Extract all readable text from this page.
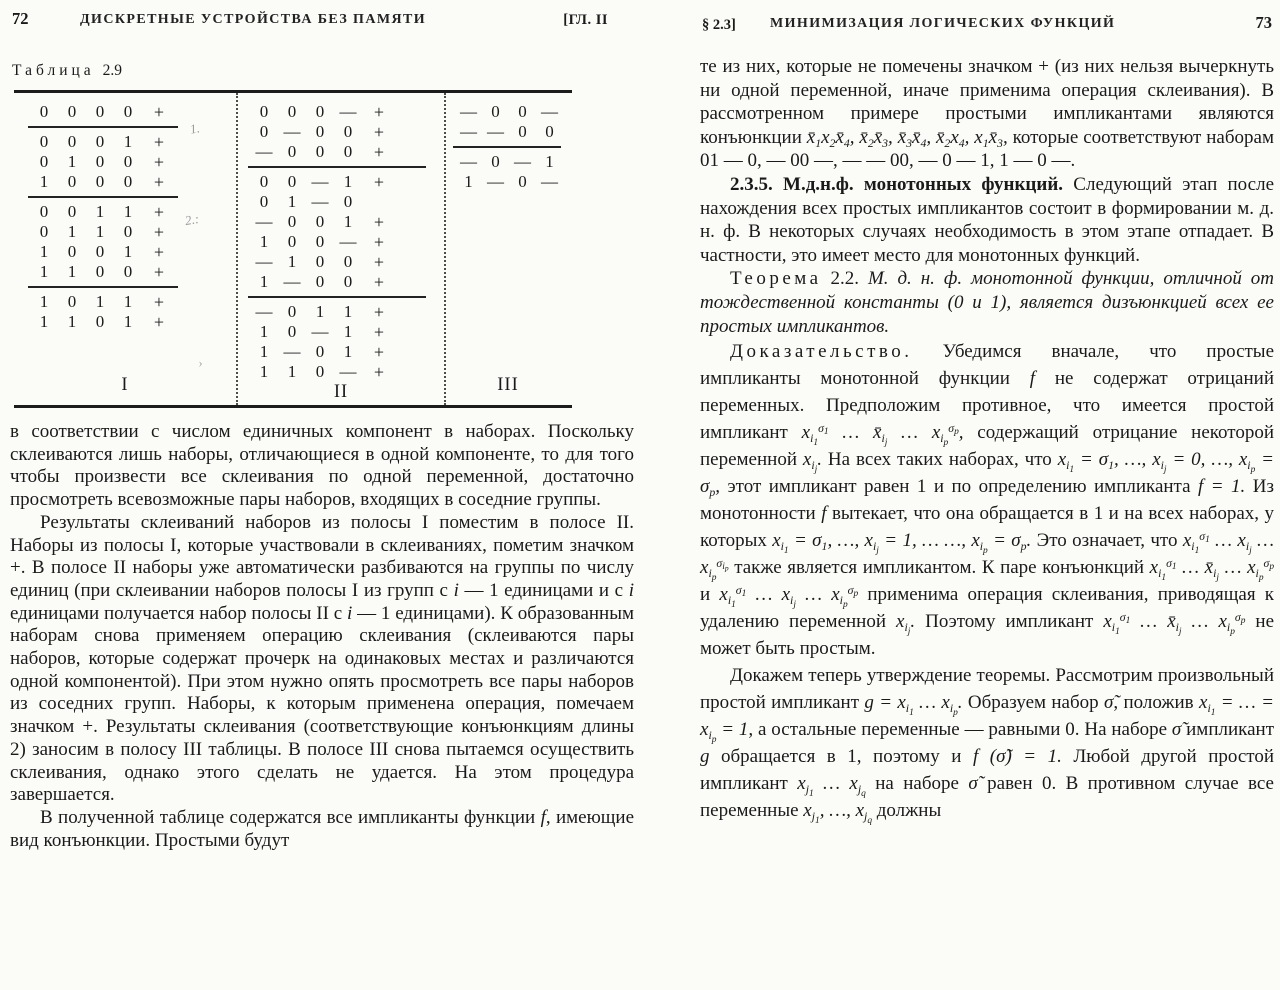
72	ДИСКРЕТНЫЕ УСТРОЙСТВА БЕЗ ПАМЯТИ	[ГЛ. II
Таблица 2.9
0	0	0	0	+
0	0	0	1	+
0	1	0	0	+
1	0	0	0	+
0	0	1	1	+
0	1	1	0	+
1	0	0	1	+
1	1	0	0	+
1	0	1	1	+
1	1	0	1	+
I
0	0	0 — +
0 — 0	0	+
— 0	0	0	+
0	0 — 1	+
0	1 — 0
— 0	0	1	+
1	0	0 — +
— 1	0	0	+
1 — 0	0	+
— 0	1	1	+
1	0 — 1	+
1 — 0	1	+
1	1	0 — +
II
— 0	0 —
— — 0	0
— 0 — 1
1 — 0 —
III
1.
2.:
›

в соответствии с числом единичных компонент в наборах. Поскольку склеиваются лишь наборы, отличающиеся в одной компоненте, то для того чтобы произвести все склеивания по одной переменной, достаточно просмотреть всевозможные пары наборов, входящих в соседние группы.

Результаты склеиваний наборов из полосы I поместим в полосе II. Наборы из полосы I, которые участвовали в склеиваниях, пометим значком +. В полосе II наборы уже автоматически разбиваются на группы по числу единиц (при склеивании наборов полосы I из групп с i — 1 единицами и с i единицами получается набор полосы II с i — 1 единицами). К образованным наборам снова применяем операцию склеивания (склеиваются пары наборов, которые содержат прочерк на одинаковых местах и различаются одной компонентой). При этом нужно опять просмотреть все пары наборов из соседних групп. Наборы, к которым применена операция, помечаем значком +. Результаты склеивания (соответствующие конъюнкциям длины 2) заносим в полосу III таблицы. В полосе III снова пытаемся осуществить склеивания, однако этого сделать не удается. На этом процедура завершается.

В полученной таблице содержатся все импликанты функции f, имеющие вид конъюнкции. Простыми будут

§ 2.3] МИНИМИЗАЦИЯ ЛОГИЧЕСКИХ ФУНКЦИЙ	73

те из них, которые не помечены значком + (из них нельзя вычеркнуть ни одной переменной, иначе применима операция склеивания). В рассмотренном примере простыми импликантами являются конъюнкции $x̄_1x_2x̄_4$, $x̄_2x̄_3$, $x̄_3x̄_4$, $x̄_2x_4$, $x_1x̄_3$, которые соответствуют наборам 01 — 0, — 00 —, — — 00, — 0 — 1, 1 — 0 —.

2.3.5. М.д.н.ф. монотонных функций. Следующий этап после нахождения всех простых импликантов состоит в формировании м. д. н. ф. В некоторых случаях необходимость в этом этапе отпадает. В частности, это имеет место для монотонных функций.

Теорема 2.2. М. д. н. ф. монотонной функции, отличной от тождественной константы (0 и 1), является дизъюнкцией всех ее простых импликантов.

Доказательство. Убедимся вначале, что простые импликанты монотонной функции f не содержат отрицаний переменных. Предположим противное, что имеется простой импликант $x_{i_1}^{\sigma_1}$ … $x̄_{i_j}$ … $x_{i_p}^{\sigma_p}$, содержащий отрицание некоторой переменной $x_{i_j}$. На всех таких наборах, что $x_{i_1} = \sigma_1$, …, $x_{i_j} = 0$, …, $x_{i_p} = \sigma_p$, этот импликант равен 1 и по определению импликанта f = 1. Из монотонности f вытекает, что она обращается в 1 и на всех наборах, у которых $x_{i_1} = \sigma_1$, …, $x_{i_j} = 1$, … …, $x_{i_p} = \sigma_p$. Это означает, что $x_{i_1}^{\sigma_1}$ … $x_{i_j}$ … $x_{i_p}^{\sigma_{i_p}}$ также является импликантом. К паре конъюнкций $x_{i_1}^{\sigma_1}$ … $x̄_{i_j}$ … $x_{i_p}^{\sigma_p}$ и $x_{i_1}^{\sigma_1}$ … $x_{i_j}$ … $x_{i_p}^{\sigma_p}$ применима операция склеивания, приводящая к удалению переменной $x_{i_j}$. Поэтому импликант $x_{i_1}^{\sigma_1}$ … $x̄_{i_j}$ … $x_{i_p}^{\sigma_p}$ не может быть простым.

Докажем теперь утверждение теоремы. Рассмотрим произвольный простой импликант $g = x_{i_1}$ … $x_{i_p}$. Образуем набор σ̃, положив $x_{i_1}$ = … = $x_{i_p} = 1$, а остальные переменные — равными 0. На наборе σ̃ импликант g обращается в 1, поэтому и f (σ̃) = 1. Любой другой простой импликант $x_{j_1}$ … $x_{j_q}$ на наборе σ̃ равен 0. В противном случае все переменные $x_{j_1}$, …, $x_{j_q}$ должны
